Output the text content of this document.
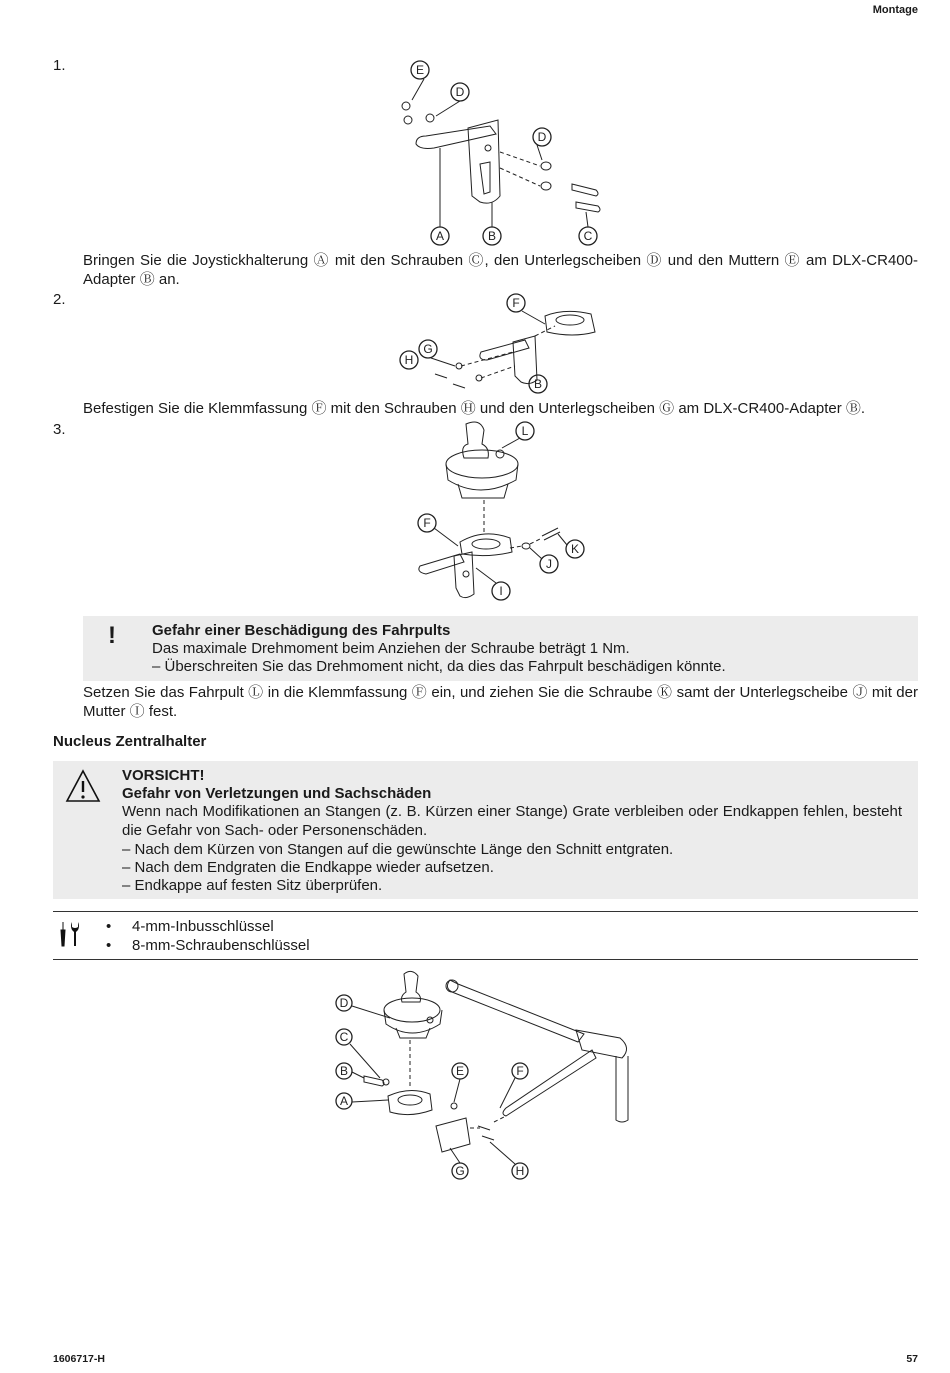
Montage
1.	E
D
D
A	B	C
Bringen Sie die Joystickhalterung Ⓐ mit den Schrauben Ⓒ, den Unterlegscheiben Ⓓ und den Muttern Ⓔ am DLX-CR400-Adapter Ⓑ an.
2.	F
G
H
B
Befestigen Sie die Klemmfassung Ⓕ mit den Schrauben Ⓗ und den Unterlegscheiben Ⓖ am DLX-CR400-Adapter Ⓑ.
3.	L
F
K
J
I
! Gefahr einer Beschädigung des Fahrpults
Das maximale Drehmoment beim Anziehen der Schraube beträgt 1 Nm.
– Überschreiten Sie das Drehmoment nicht, da dies das Fahrpult beschädigen könnte.
Setzen Sie das Fahrpult Ⓛ in die Klemmfassung Ⓕ ein, und ziehen Sie die Schraube Ⓚ samt der Unterlegscheibe Ⓙ mit der Mutter Ⓘ fest.
Nucleus Zentralhalter
VORSICHT!
Gefahr von Verletzungen und Sachschäden
Wenn nach Modifikationen an Stangen (z. B. Kürzen einer Stange) Grate verbleiben oder Endkappen fehlen, besteht die Gefahr von Sach- oder Personenschäden.
– Nach dem Kürzen von Stangen auf die gewünschte Länge den Schnitt entgraten.
– Nach dem Endgraten die Endkappe wieder aufsetzen.
– Endkappe auf festen Sitz überprüfen.
• 4-mm-Inbusschlüssel
• 8-mm-Schraubenschlüssel
D
C
B	E	F
A
G	H
1606717-H	57
